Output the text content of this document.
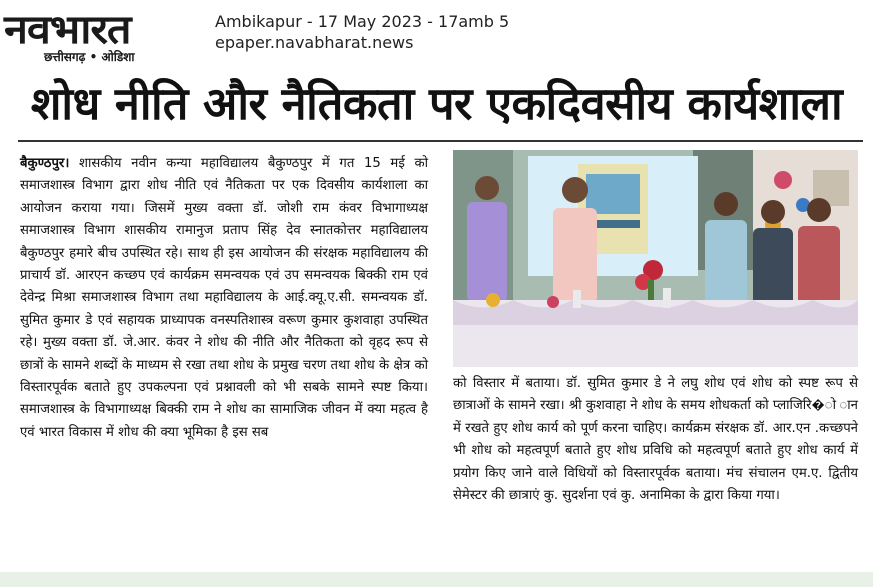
नवभारत
छत्तीसगढ़ • ओडिशा
Ambikapur - 17 May 2023 - 17amb 5
epaper.navabharat.news
शोध नीति और नैतिकता पर एकदिवसीय कार्यशाला
बैकुण्ठपुर। शासकीय नवीन कन्या महाविद्यालय बैकुण्ठपुर में गत 15 मई को समाजशास्त्र विभाग द्वारा शोध नीति एवं नैतिकता पर एक दिवसीय कार्यशाला का आयोजन कराया गया। जिसमें मुख्य वक्ता डॉ. जोशी राम कंवर विभागाध्यक्ष समाजशास्त्र विभाग शासकीय रामानुज प्रताप सिंह देव स्नातकोत्तर महाविद्यालय बैकुण्ठपुर हमारे बीच उपस्थित रहे। साथ ही इस आयोजन की संरक्षक महाविद्यालय की प्राचार्य डॉ. आरएन कच्छप एवं कार्यक्रम समन्वयक एवं उप समन्वयक बिक्की राम एवं देवेन्द्र मिश्रा समाजशास्त्र विभाग तथा महाविद्यालय के आई.क्यू.ए.सी. समन्वयक डॉ. सुमित कुमार डे एवं सहायक प्राध्यापक वनस्पतिशास्त्र वरूण कुमार कुशवाहा उपस्थित रहे। मुख्य वक्ता डॉ. जे.आर. कंवर ने शोध की नीति और नैतिकता को वृहद रूप से छात्रों के सामने शब्दों के माध्यम से रखा तथा शोध के प्रमुख चरण तथा शोध के क्षेत्र को विस्तारपूर्वक बताते हुए उपकल्पना एवं प्रश्नावली को भी सबके सामने स्पष्ट किया। समाजशास्त्र के विभागाध्यक्ष बिक्की राम ने शोध का सामाजिक जीवन में क्या महत्व है एवं भारत विकास में शोध की क्या भूमिका है इस सब
को विस्तार में बताया। डॉ. सुमित कुमार डे ने लघु शोध एवं शोध को स्पष्ट रूप से छात्राओं के सामने रखा। श्री कुशवाहा ने शोध के समय शोधकर्ता को प्लाजिरि�ो ान में रखते हुए शोध कार्य को पूर्ण करना चाहिए। कार्यक्रम संरक्षक डॉ. आर.एन .कच्छपने भी शोध को महत्वपूर्ण बताते हुए शोध प्रविधि को महत्वपूर्ण बताते हुए शोध कार्य में प्रयोग किए जाने वाले विधियों को विस्तारपूर्वक बताया। मंच संचालन एम.ए. द्वितीय सेमेस्टर की छात्राएं कु. सुदर्शना एवं कु. अनामिका के द्वारा किया गया।
